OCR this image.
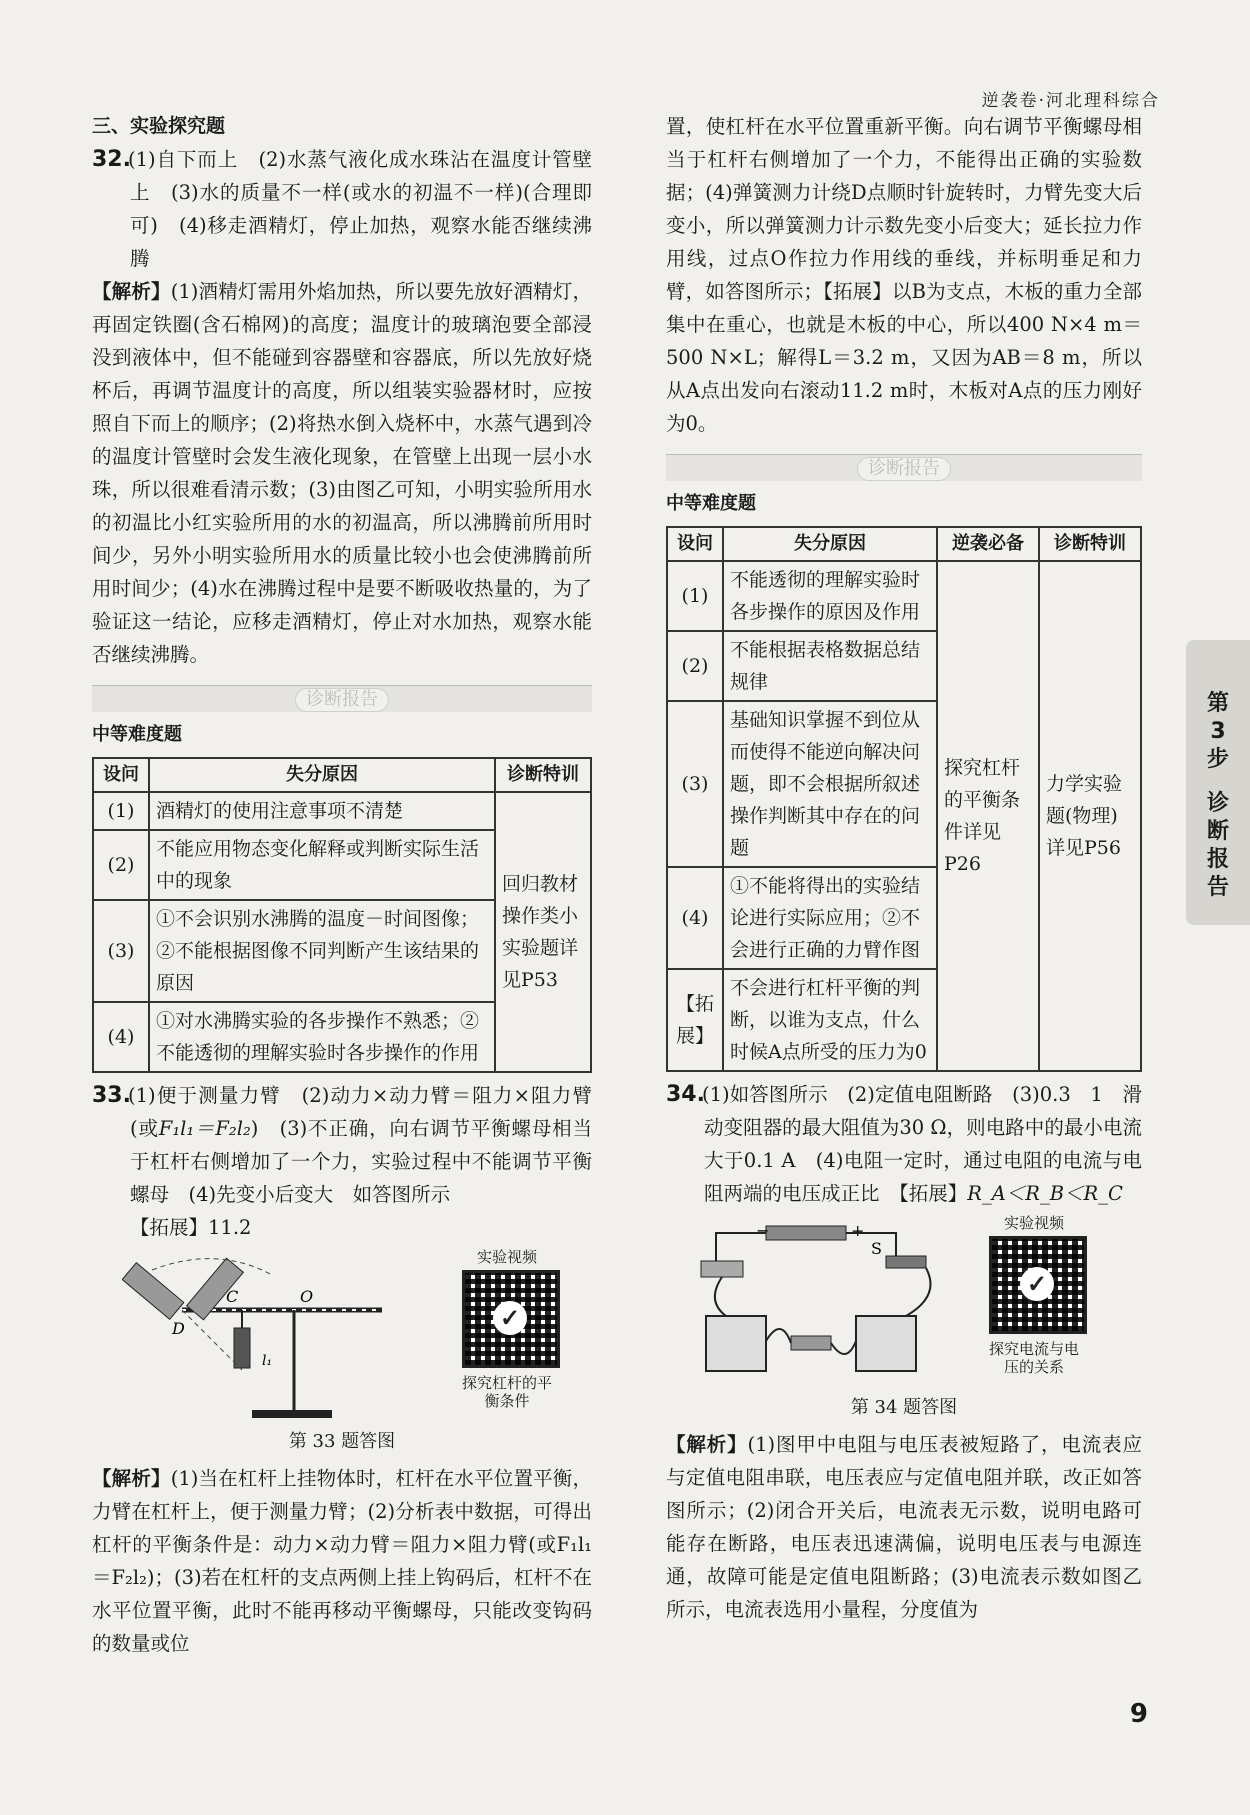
逆袭卷·河北理科综合

三、实验探究题

32.(1)自下而上　(2)水蒸气液化成水珠沾在温度计管壁上　(3)水的质量不一样(或水的初温不一样)(合理即可)　(4)移走酒精灯，停止加热，观察水能否继续沸腾

【解析】(1)酒精灯需用外焰加热，所以要先放好酒精灯，再固定铁圈(含石棉网)的高度；温度计的玻璃泡要全部浸没到液体中，但不能碰到容器壁和容器底，所以先放好烧杯后，再调节温度计的高度，所以组装实验器材时，应按照自下而上的顺序；(2)将热水倒入烧杯中，水蒸气遇到冷的温度计管壁时会发生液化现象，在管壁上出现一层小水珠，所以很难看清示数；(3)由图乙可知，小明实验所用水的初温比小红实验所用的水的初温高，所以沸腾前所用时间少，另外小明实验所用水的质量比较小也会使沸腾前所用时间少；(4)水在沸腾过程中是要不断吸收热量的，为了验证这一结论，应移走酒精灯，停止对水加热，观察水能否继续沸腾。

诊断报告
中等难度题
设问	失分原因	诊断特训
(1)	酒精灯的使用注意事项不清楚	回归教材操作类小实验题详见P53
(2)	不能应用物态变化解释或判断实际生活中的现象	
(3)	①不会识别水沸腾的温度－时间图像；②不能根据图像不同判断产生该结果的原因	
(4)	①对水沸腾实验的各步操作不熟悉；②不能透彻的理解实验时各步操作的作用	

33.(1)便于测量力臂　(2)动力×动力臂＝阻力×阻力臂(或F₁l₁＝F₂l₂)　(3)不正确，向右调节平衡螺母相当于杠杆右侧增加了一个力，实验过程中不能调节平衡螺母　(4)先变小后变大　如答图所示

【拓展】11.2

C	O
D
l₁
实验视频
✓
探究杠杆的平衡条件

第 33 题答图

【解析】(1)当在杠杆上挂物体时，杠杆在水平位置平衡，力臂在杠杆上，便于测量力臂；(2)分析表中数据，可得出杠杆的平衡条件是：动力×动力臂＝阻力×阻力臂(或F₁l₁＝F₂l₂)；(3)若在杠杆的支点两侧上挂上钩码后，杠杆不在水平位置平衡，此时不能再移动平衡螺母，只能改变钩码的数量或位

置，使杠杆在水平位置重新平衡。向右调节平衡螺母相当于杠杆右侧增加了一个力，不能得出正确的实验数据；(4)弹簧测力计绕D点顺时针旋转时，力臂先变大后变小，所以弹簧测力计示数先变小后变大；延长拉力作用线，过点O作拉力作用线的垂线，并标明垂足和力臂，如答图所示；【拓展】以B为支点，木板的重力全部集中在重心，也就是木板的中心，所以400 N×4 m＝500 N×L；解得L＝3.2 m，又因为AB＝8 m，所以从A点出发向右滚动11.2 m时，木板对A点的压力刚好为0。

诊断报告
中等难度题
设问	失分原因	逆袭必备	诊断特训
(1)	不能透彻的理解实验时各步操作的原因及作用	探究杠杆的平衡条件详见P26	力学实验题(物理)详见P56
(2)	不能根据表格数据总结规律		
(3)	基础知识掌握不到位从而使得不能逆向解决问题，即不会根据所叙述操作判断其中存在的问题		
(4)	①不能将得出的实验结论进行实际应用；②不会进行正确的力臂作图		
【拓展】	不会进行杠杆平衡的判断，以谁为支点，什么时候A点所受的压力为0		

34.(1)如答图所示　(2)定值电阻断路　(3)0.3　1　滑动变阻器的最大阻值为30 Ω，则电路中的最小电流大于0.1 A　(4)电阻一定时，通过电阻的电流与电阻两端的电压成正比　【拓展】R_A＜R_B＜R_C

−	+
S
实验视频
✓
探究电流与电压的关系

第 34 题答图

【解析】(1)图甲中电阻与电压表被短路了，电流表应与定值电阻串联，电压表应与定值电阻并联，改正如答图所示；(2)闭合开关后，电流表无示数，说明电路可能存在断路，电压表迅速满偏，说明电压表与电源连通，故障可能是定值电阻断路；(3)电流表示数如图乙所示，电流表选用小量程，分度值为

第
3
步
诊
断
报
告
9
